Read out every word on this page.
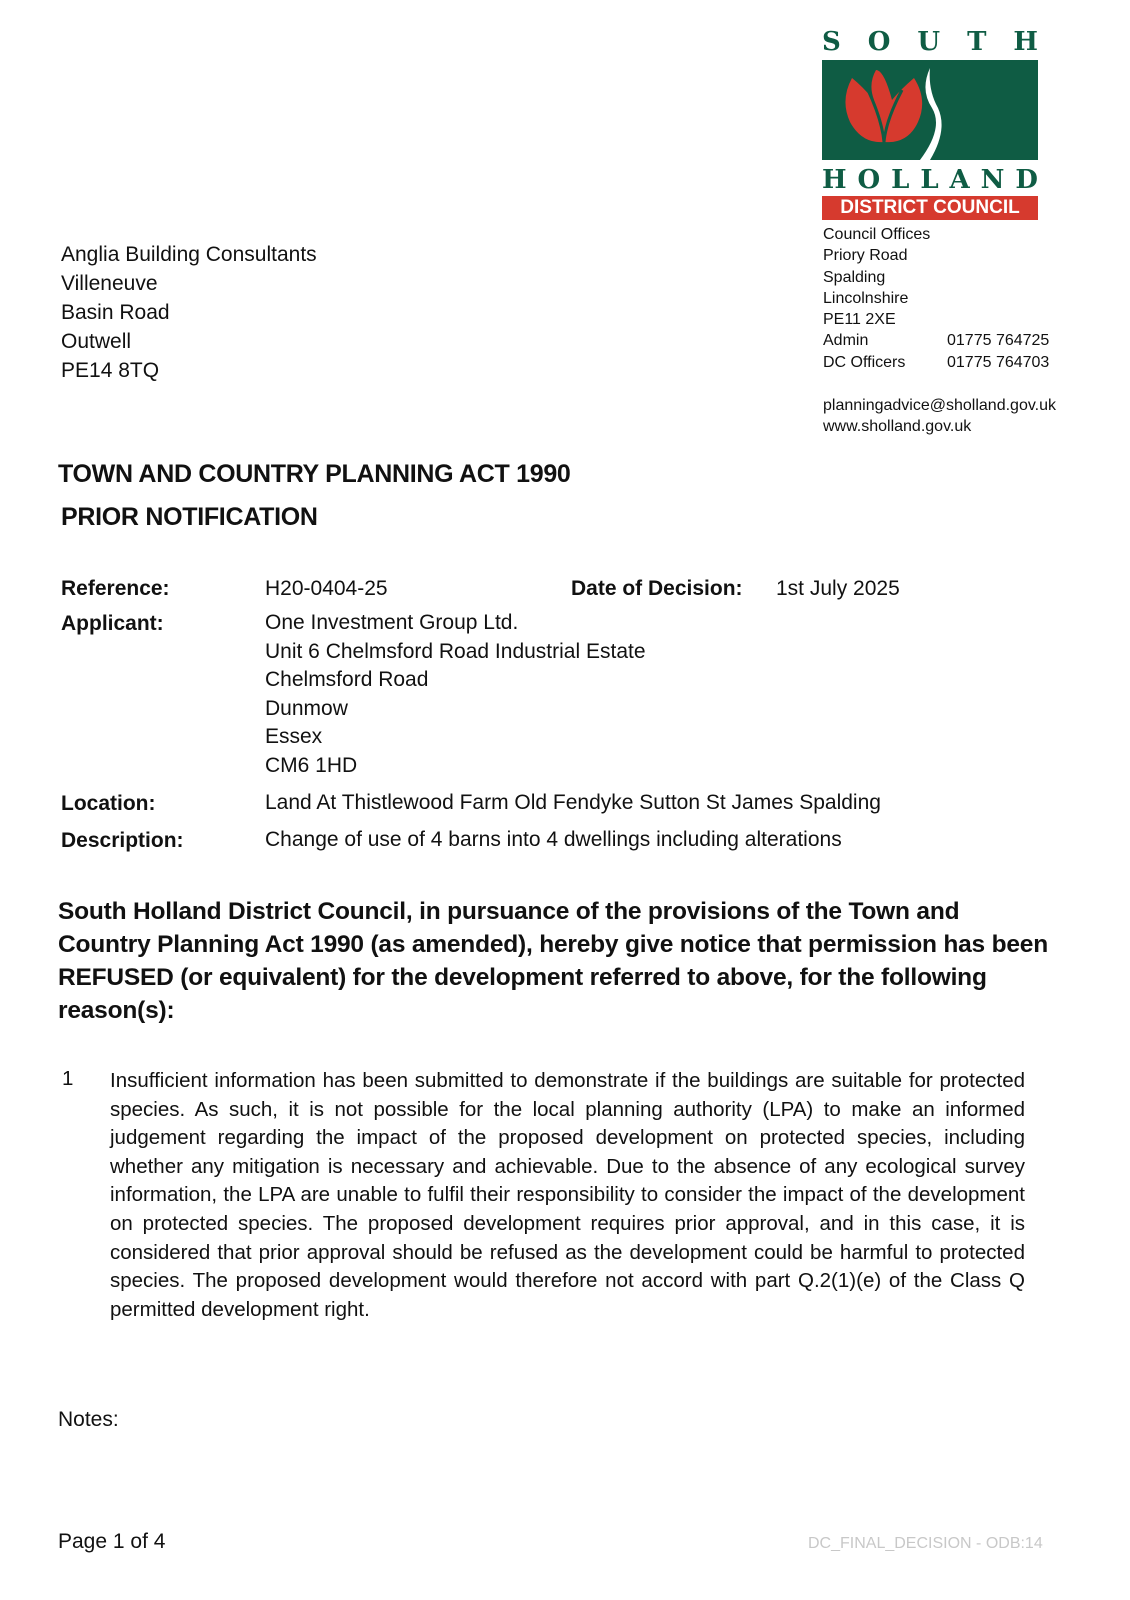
S O U T H
H O L L A N D
DISTRICT COUNCIL
Anglia Building Consultants
Villeneuve
Basin Road
Outwell
PE14 8TQ
Council Offices
Priory Road
Spalding
Lincolnshire
PE11 2XE
Admin	01775 764725
DC Officers	01775 764703
planningadvice@sholland.gov.uk
www.sholland.gov.uk
TOWN AND COUNTRY PLANNING ACT 1990
PRIOR NOTIFICATION
Reference:	H20-0404-25	Date of Decision: 1st July 2025
Applicant:	One Investment Group Ltd.
Unit 6 Chelmsford Road Industrial Estate
Chelmsford Road
Dunmow
Essex
CM6 1HD
Location:	Land At Thistlewood Farm Old Fendyke Sutton St James Spalding
Description:	Change of use of 4 barns into 4 dwellings including alterations
South Holland District Council, in pursuance of the provisions of the Town and Country Planning Act 1990 (as amended), hereby give notice that permission has been REFUSED (or equivalent) for the development referred to above, for the following reason(s):
1 Insufficient information has been submitted to demonstrate if the buildings are suitable for protected species. As such, it is not possible for the local planning authority (LPA) to make an informed judgement regarding the impact of the proposed development on protected species, including whether any mitigation is necessary and achievable. Due to the absence of any ecological survey information, the LPA are unable to fulfil their responsibility to consider the impact of the development on protected species. The proposed development requires prior approval, and in this case, it is considered that prior approval should be refused as the development could be harmful to protected species. The proposed development would therefore not accord with part Q.2(1)(e) of the Class Q permitted development right.
Notes:
Page 1 of 4	DC_FINAL_DECISION - ODB:14
